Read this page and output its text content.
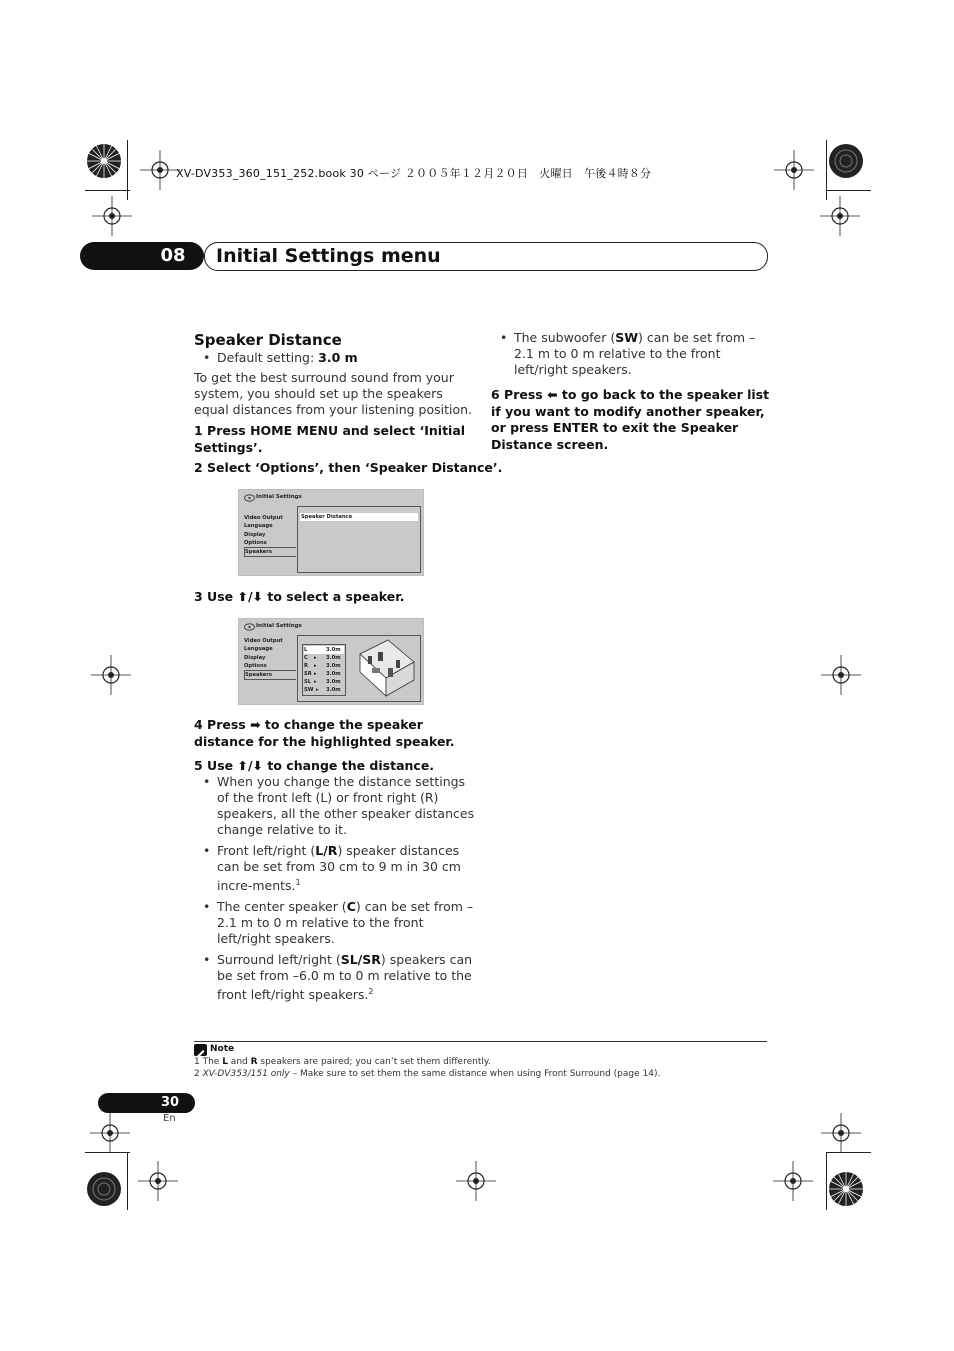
XV-DV353_360_151_252.book 30 ページ ２００５年１２月２０日　火曜日　午後４時８分
08	Initial Settings menu
Speaker Distance
• Default setting: 3.0 m
To get the best surround sound from your system, you should set up the speakers equal distances from your listening position.
1 Press HOME MENU and select ‘Initial Settings’.
2 Select ‘Options’, then ‘Speaker Distance’.
Initial Settings
Video Output
Language
Display
Options
Speakers
Speaker Distance
3 Use ⬆/⬇ to select a speaker.
Initial Settings
Video Output
Language
Display
Options
Speakers
L	3.0m
C ▸ 3.0m
R ▸ 3.0m
SR ▸ 3.0m
SL ▸ 3.0m
SW ▸ 3.0m
4 Press ➡ to change the speaker distance for the highlighted speaker.
5 Use ⬆/⬇ to change the distance.
• When you change the distance settings of the front left (L) or front right (R) speakers, all the other speaker distances change relative to it.
• Front left/right (L/R) speaker distances can be set from 30 cm to 9 m in 30 cm incre-ments.$^1$
• The center speaker (C) can be set from –2.1 m to 0 m relative to the front left/right speakers.
• Surround left/right (SL/SR) speakers can be set from –6.0 m to 0 m relative to the front left/right speakers.$^2$
• The subwoofer (SW) can be set from –2.1 m to 0 m relative to the front left/right speakers.
6 Press ⬅ to go back to the speaker list if you want to modify another speaker, or press ENTER to exit the Speaker Distance screen.
Note
1 The L and R speakers are paired; you can’t set them differently.
2 XV-DV353/151 only – Make sure to set them the same distance when using Front Surround (page 14).
30
En
